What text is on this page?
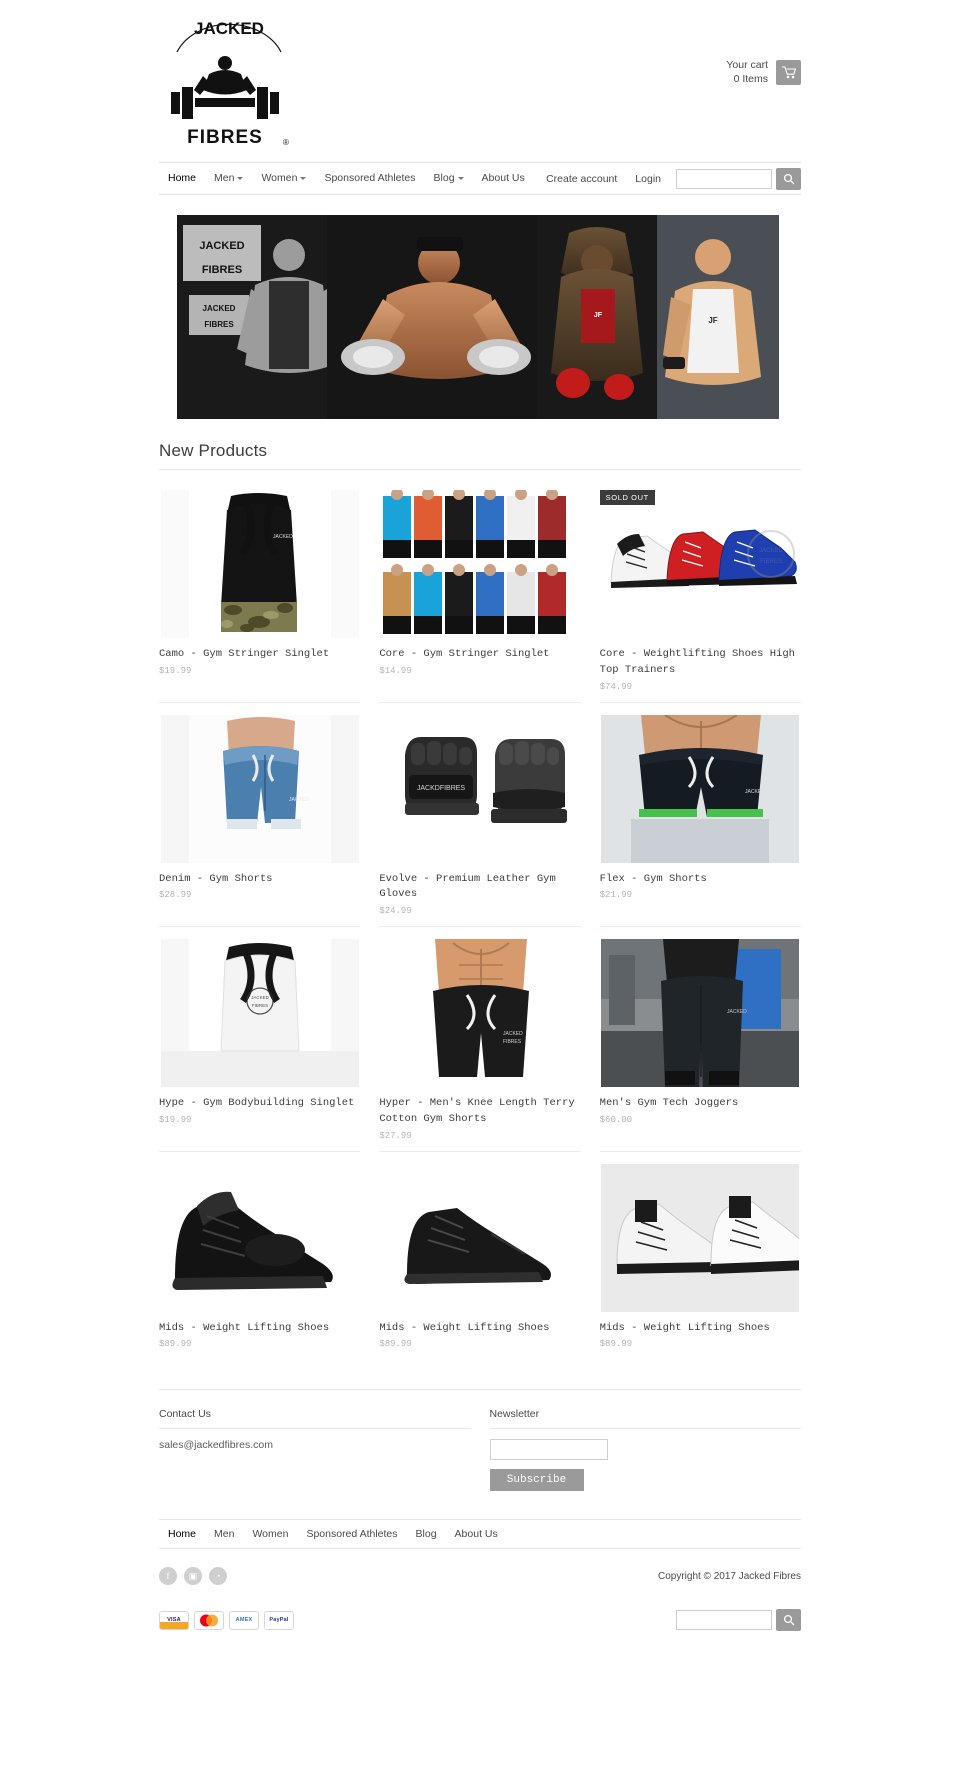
JACKED
FIBRES	®
Your cart
0 Items
Home	Men	Women	Sponsored Athletes	Blog	About Us	Create account	Login
JACKED
FIBRES
JACKED
FIBRES
JF
JF
New Products
JACKED

Camo - Gym Stringer Singlet

$19.99

Core - Gym Stringer Singlet

$14.99

SOLD OUT
JACKED
FIBRES

Core - Weightlifting Shoes High Top Trainers

$74.99

JACKED

Denim - Gym Shorts

$28.99

JACKDFIBRES

Evolve - Premium Leather Gym Gloves

$24.99

JACKED

Flex - Gym Shorts

$21.99

JACKED
FIBRES

Hype - Gym Bodybuilding Singlet

$19.99

JACKED
FIBRES

Hyper - Men's Knee Length Terry Cotton Gym Shorts

$27.99

JACKED

Men's Gym Tech Joggers

$60.00

Mids - Weight Lifting Shoes

$89.99

Mids - Weight Lifting Shoes

$89.99

Mids - Weight Lifting Shoes

$89.99

Contact Us

sales@jackedfibres.com

Newsletter
Subscribe
Home	Men	Women	Sponsored Athletes	Blog	About Us
f	▣	◔	Copyright © 2017 Jacked Fibres
VISA	AMEX	PayPal
